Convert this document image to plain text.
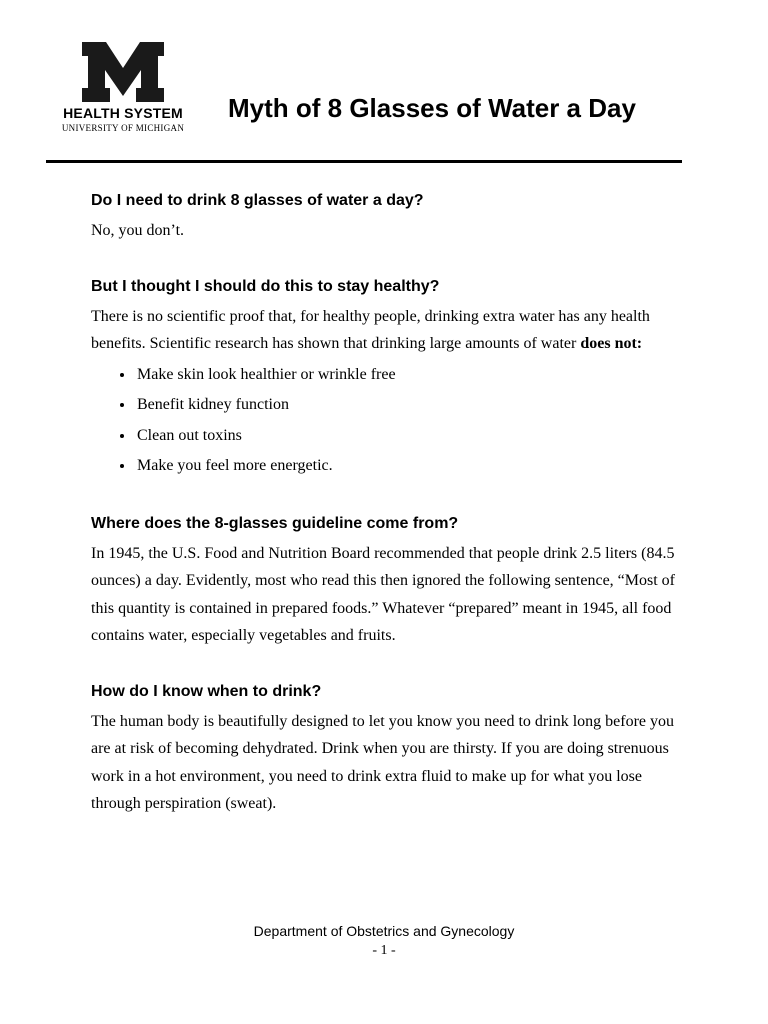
HEALTH SYSTEM
UNIVERSITY OF MICHIGAN
Myth of 8 Glasses of Water a Day

Do I need to drink 8 glasses of water a day?

No, you don’t.

But I thought I should do this to stay healthy?

There is no scientific proof that, for healthy people, drinking extra water has any health benefits. Scientific research has shown that drinking large amounts of water does not:

• Make skin look healthier or wrinkle free
• Benefit kidney function
• Clean out toxins
• Make you feel more energetic.

Where does the 8-glasses guideline come from?

In 1945, the U.S. Food and Nutrition Board recommended that people drink 2.5 liters (84.5 ounces) a day. Evidently, most who read this then ignored the following sentence, “Most of this quantity is contained in prepared foods.” Whatever “prepared” meant in 1945, all food contains water, especially vegetables and fruits.

How do I know when to drink?

The human body is beautifully designed to let you know you need to drink long before you are at risk of becoming dehydrated. Drink when you are thirsty. If you are doing strenuous work in a hot environment, you need to drink extra fluid to make up for what you lose through perspiration (sweat).

Department of Obstetrics and Gynecology
- 1 -
